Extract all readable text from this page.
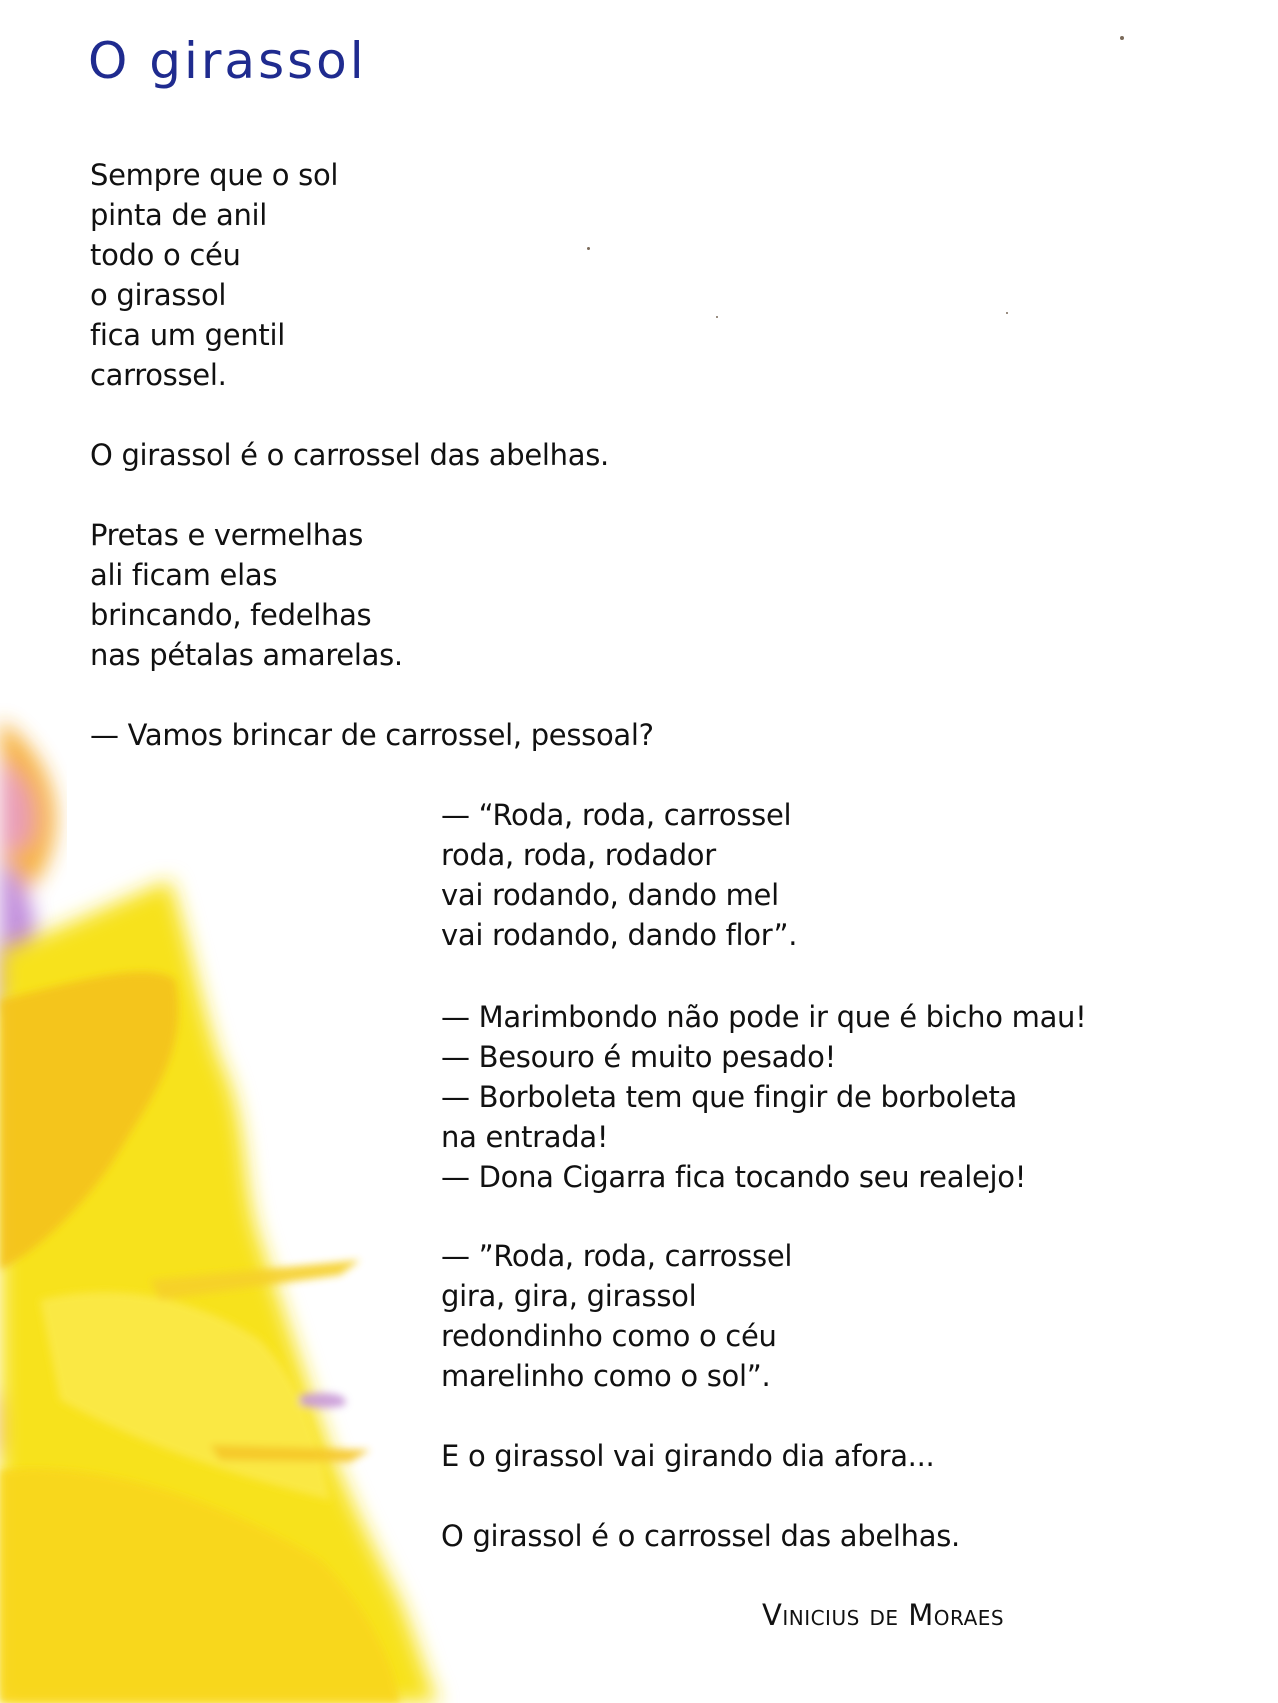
O girassol
Sempre que o sol
pinta de anil
todo o céu
o girassol
fica um gentil
carrossel.
O girassol é o carrossel das abelhas.
Pretas e vermelhas
ali ficam elas
brincando, fedelhas
nas pétalas amarelas.
— Vamos brincar de carrossel, pessoal?
— “Roda, roda, carrossel
roda, roda, rodador
vai rodando, dando mel
vai rodando, dando flor”.
— Marimbondo não pode ir que é bicho mau!
— Besouro é muito pesado!
— Borboleta tem que fingir de borboleta
na entrada!
— Dona Cigarra fica tocando seu realejo!
— ”Roda, roda, carrossel
gira, gira, girassol
redondinho como o céu
marelinho como o sol”.
E o girassol vai girando dia afora...
O girassol é o carrossel das abelhas.

Vinicius de Moraes
